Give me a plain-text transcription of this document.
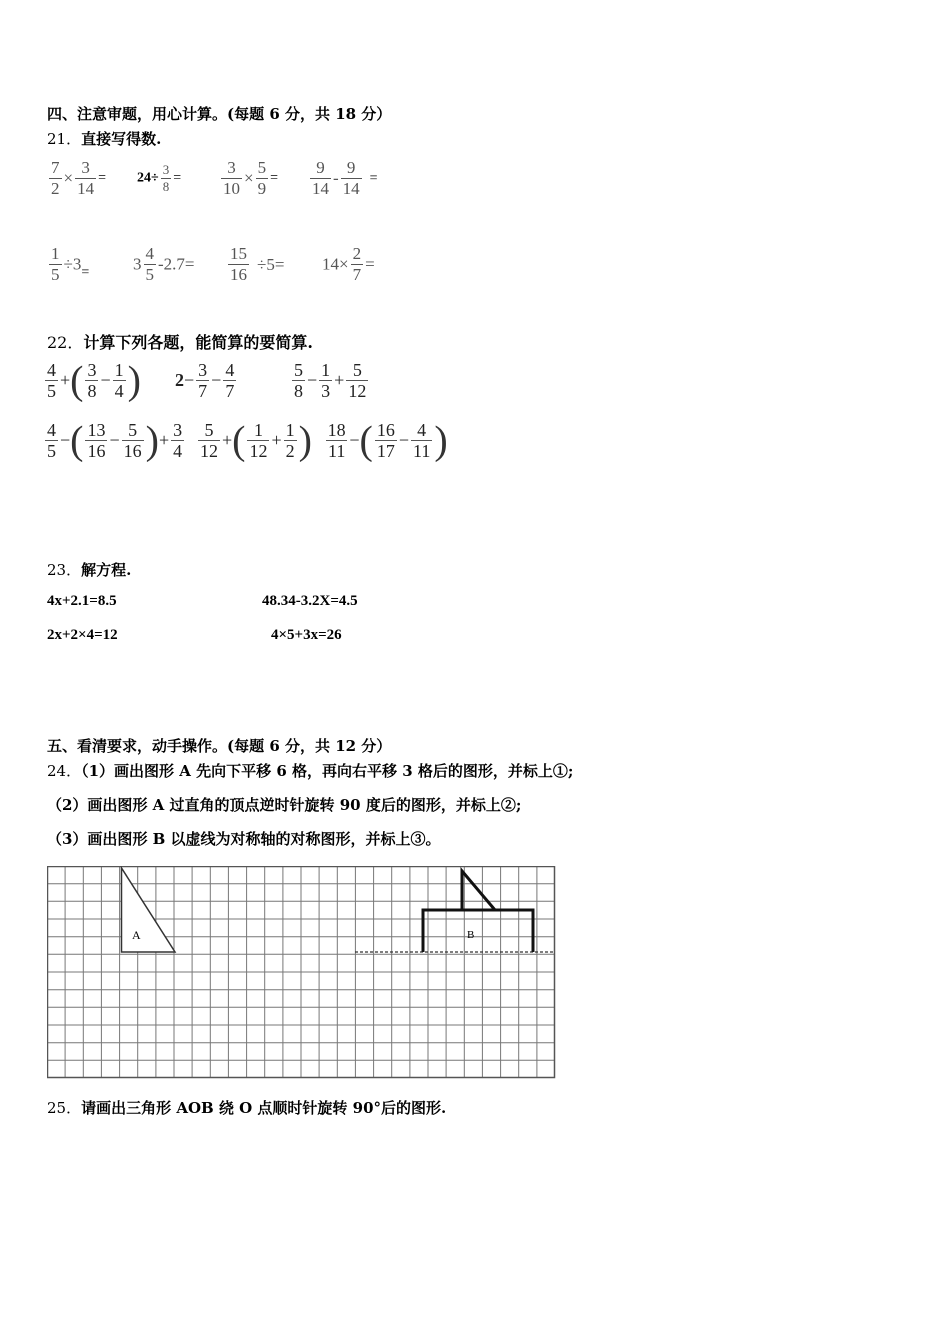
四、注意审题，用心计算。(每题 6 分，共 18 分）
21．直接写得数.
$\frac{7}{2} \times \frac{3}{14} = 24\div \frac{3}{8} = \frac{3}{10} \times \frac{5}{9} = \frac{9}{14} - \frac{9}{14}$ =
$\frac{1}{5} \div 3_=$	$3 \frac{4}{5} -2.7= \frac{15}{16} \div 5= 14\times \frac{2}{7}$ =
22．计算下列各题，能简算的要简算.
$\frac{4}{5}$ +( $\frac{3}{8} - \frac{1}{4}$ ) $2- \frac{3}{7} - \frac{4}{7}$	$\frac{5}{8} - \frac{1}{3} + \frac{5}{12}$
$\frac{4}{5}$ −( $\frac{13}{16} - \frac{5}{16}$ )+ $\frac{3}{4} \frac{5}{12}$ +( $\frac{1}{12} + \frac{1}{2}$ ) $\frac{18}{11}$ −( $\frac{16}{17} - \frac{4}{11}$ )
23．解方程.
4x+2.1=8.5	48.34-3.2X=4.5
2x+2×4=12	4×5+3x=26
五、看清要求，动手操作。(每题 6 分，共 12 分）
24．（1）画出图形 A 先向下平移 6 格，再向右平移 3 格后的图形，并标上①;
（2）画出图形 A 过直角的顶点逆时针旋转 90 度后的图形，并标上②;
（3）画出图形 B 以虚线为对称轴的对称图形，并标上③。
A	B
25．请画出三角形 AOB 绕 O 点顺时针旋转 90°后的图形.
